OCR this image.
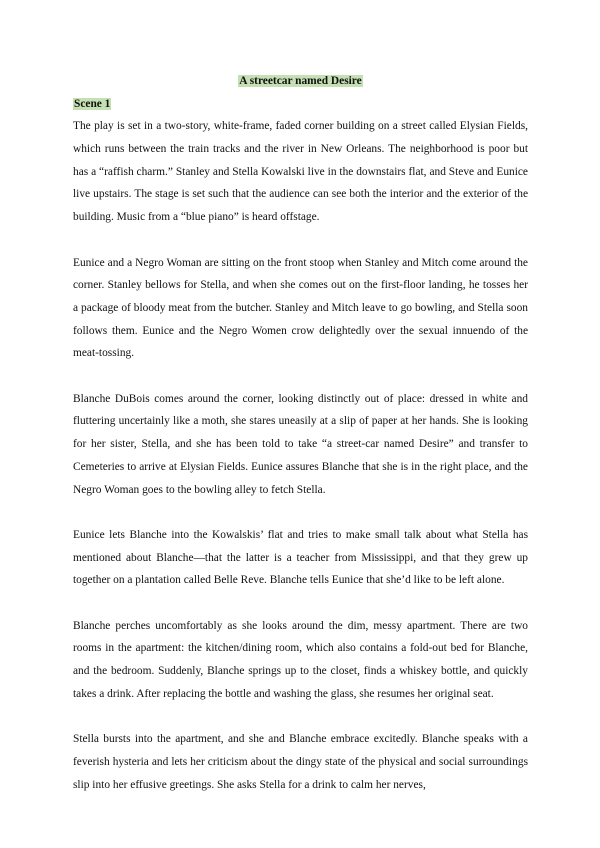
A streetcar named Desire
Scene 1

The play is set in a two-story, white-frame, faded corner building on a street called Elysian Fields, which runs between the train tracks and the river in New Orleans. The neighborhood is poor but has a “raffish charm.” Stanley and Stella Kowalski live in the downstairs flat, and Steve and Eunice live upstairs. The stage is set such that the audience can see both the interior and the exterior of the building. Music from a “blue piano” is heard offstage.

Eunice and a Negro Woman are sitting on the front stoop when Stanley and Mitch come around the corner. Stanley bellows for Stella, and when she comes out on the first-floor landing, he tosses her a package of bloody meat from the butcher. Stanley and Mitch leave to go bowling, and Stella soon follows them. Eunice and the Negro Women crow delightedly over the sexual innuendo of the meat-tossing.

Blanche DuBois comes around the corner, looking distinctly out of place: dressed in white and fluttering uncertainly like a moth, she stares uneasily at a slip of paper at her hands. She is looking for her sister, Stella, and she has been told to take “a street-car named Desire” and transfer to Cemeteries to arrive at Elysian Fields. Eunice assures Blanche that she is in the right place, and the Negro Woman goes to the bowling alley to fetch Stella.

Eunice lets Blanche into the Kowalskis’ flat and tries to make small talk about what Stella has mentioned about Blanche—that the latter is a teacher from Mississippi, and that they grew up together on a plantation called Belle Reve. Blanche tells Eunice that she’d like to be left alone.

Blanche perches uncomfortably as she looks around the dim, messy apartment. There are two rooms in the apartment: the kitchen/dining room, which also contains a fold-out bed for Blanche, and the bedroom. Suddenly, Blanche springs up to the closet, finds a whiskey bottle, and quickly takes a drink. After replacing the bottle and washing the glass, she resumes her original seat.

Stella bursts into the apartment, and she and Blanche embrace excitedly. Blanche speaks with a feverish hysteria and lets her criticism about the dingy state of the physical and social surroundings slip into her effusive greetings. She asks Stella for a drink to calm her nerves,
